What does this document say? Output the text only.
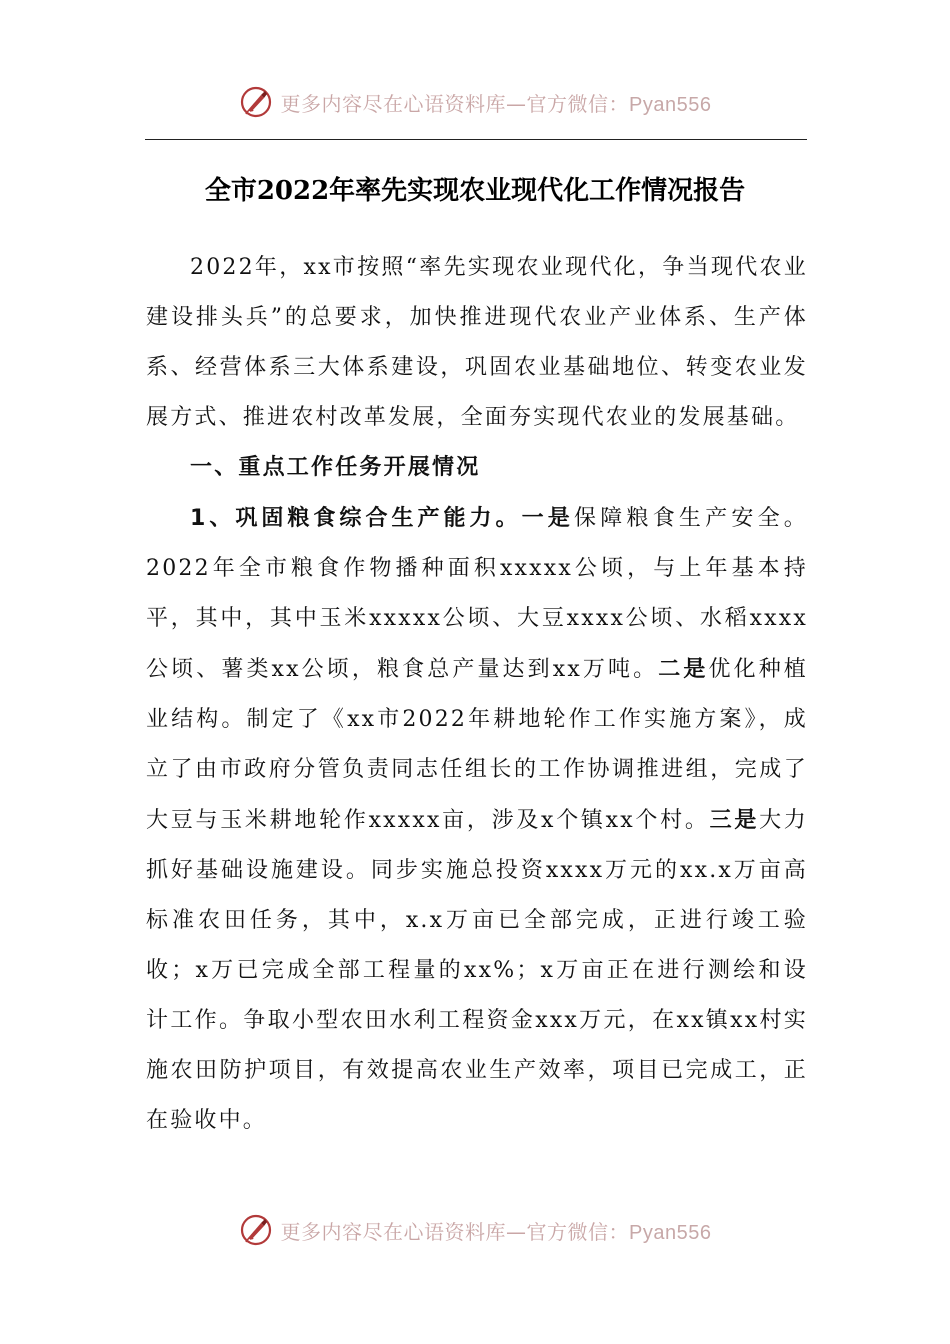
更多内容尽在心语资料库—官方微信：Pyan556
全市2022年率先实现农业现代化工作情况报告

2022年，xx市按照“率先实现农业现代化，争当现代农业建设排头兵”的总要求，加快推进现代农业产业体系、生产体系、经营体系三大体系建设，巩固农业基础地位、转变农业发展方式、推进农村改革发展，全面夯实现代农业的发展基础。

一、重点工作任务开展情况

1、巩固粮食综合生产能力。一是保障粮食生产安全。2022年全市粮食作物播种面积xxxxx公顷，与上年基本持平，其中，其中玉米xxxxx公顷、大豆xxxx公顷、水稻xxxx公顷、薯类xx公顷，粮食总产量达到xx万吨。二是优化种植业结构。制定了《xx市2022年耕地轮作工作实施方案》，成立了由市政府分管负责同志任组长的工作协调推进组，完成了大豆与玉米耕地轮作xxxxx亩，涉及x个镇xx个村。三是大力抓好基础设施建设。同步实施总投资xxxx万元的xx.x万亩高标准农田任务，其中，x.x万亩已全部完成，正进行竣工验收；x万已完成全部工程量的xx%；x万亩正在进行测绘和设计工作。争取小型农田水利工程资金xxx万元，在xx镇xx村实施农田防护项目，有效提高农业生产效率，项目已完成工，正在验收中。

更多内容尽在心语资料库—官方微信：Pyan556
